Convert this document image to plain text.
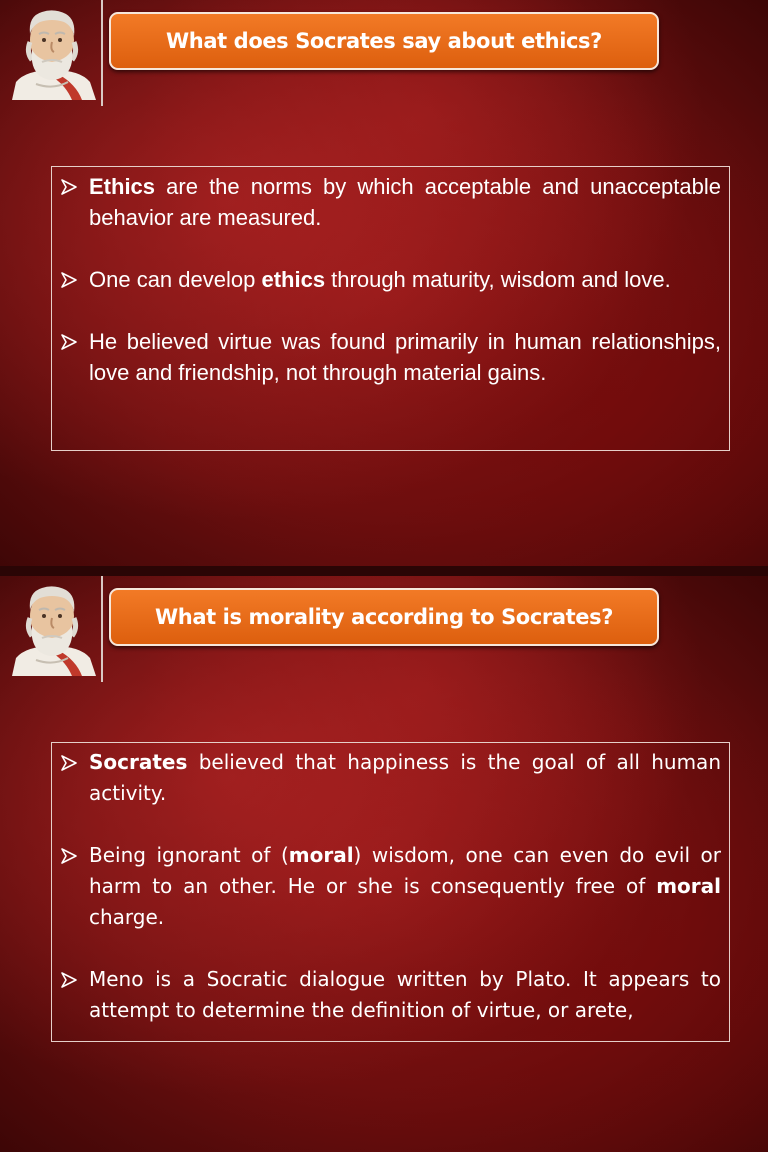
What does Socrates say about ethics?
Ethics are the norms by which acceptable and unacceptable behavior are measured.
One can develop ethics through maturity, wisdom and love.
He believed virtue was found primarily in human relationships, love and friendship, not through material gains.
What is morality according to Socrates?
Socrates believed that happiness is the goal of all human activity.
Being ignorant of (moral) wisdom, one can even do evil or harm to an other. He or she is consequently free of moral charge.
Meno is a Socratic dialogue written by Plato. It appears to attempt to determine the definition of virtue, or arete,
